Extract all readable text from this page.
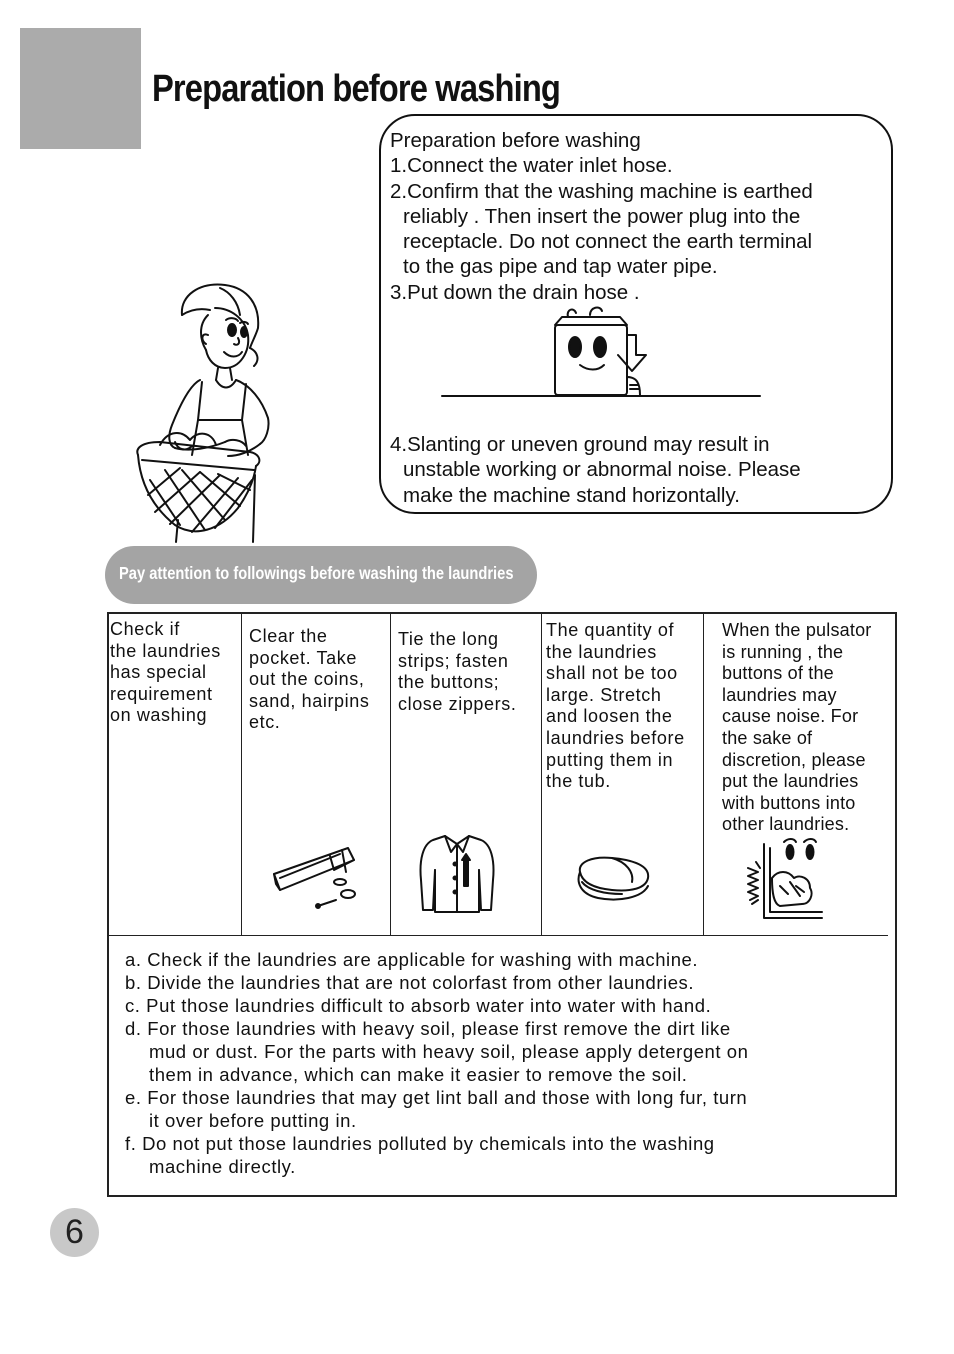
Preparation before washing
Preparation before washing
1.Connect the water inlet hose.
2.Confirm that the washing machine is earthed
reliably . Then insert the power plug into the
receptacle. Do not connect the earth terminal
to the gas pipe and tap water pipe.
3.Put down the drain hose .
4.Slanting or uneven ground may result in
unstable working or abnormal noise. Please
make the machine stand horizontally.
Pay attention to followings before washing the laundries
Check if
the laundries
has special
requirement
on washing
Clear the
pocket. Take
out the coins,
sand, hairpins
etc.
Tie the long
strips; fasten
the buttons;
close zippers.
The quantity of
the laundries
shall not be too
large. Stretch
and loosen the
laundries before
putting them in
the tub.
When the pulsator
is running , the
buttons of the
laundries may
cause noise. For
the sake of
discretion, please
put the laundries
with buttons into
other laundries.
a. Check if the laundries are applicable for washing with machine.
b. Divide the laundries that are not colorfast from other laundries.
c. Put those laundries difficult to absorb water into water with hand.
d. For those laundries with heavy soil, please first remove the dirt like
mud or dust. For the parts with heavy soil, please apply detergent on
them in advance, which can make it easier to remove the soil.
e. For those laundries that may get lint ball and those with long fur, turn
it over before putting in.
f. Do not put those laundries polluted by chemicals into the washing
machine directly.
6
